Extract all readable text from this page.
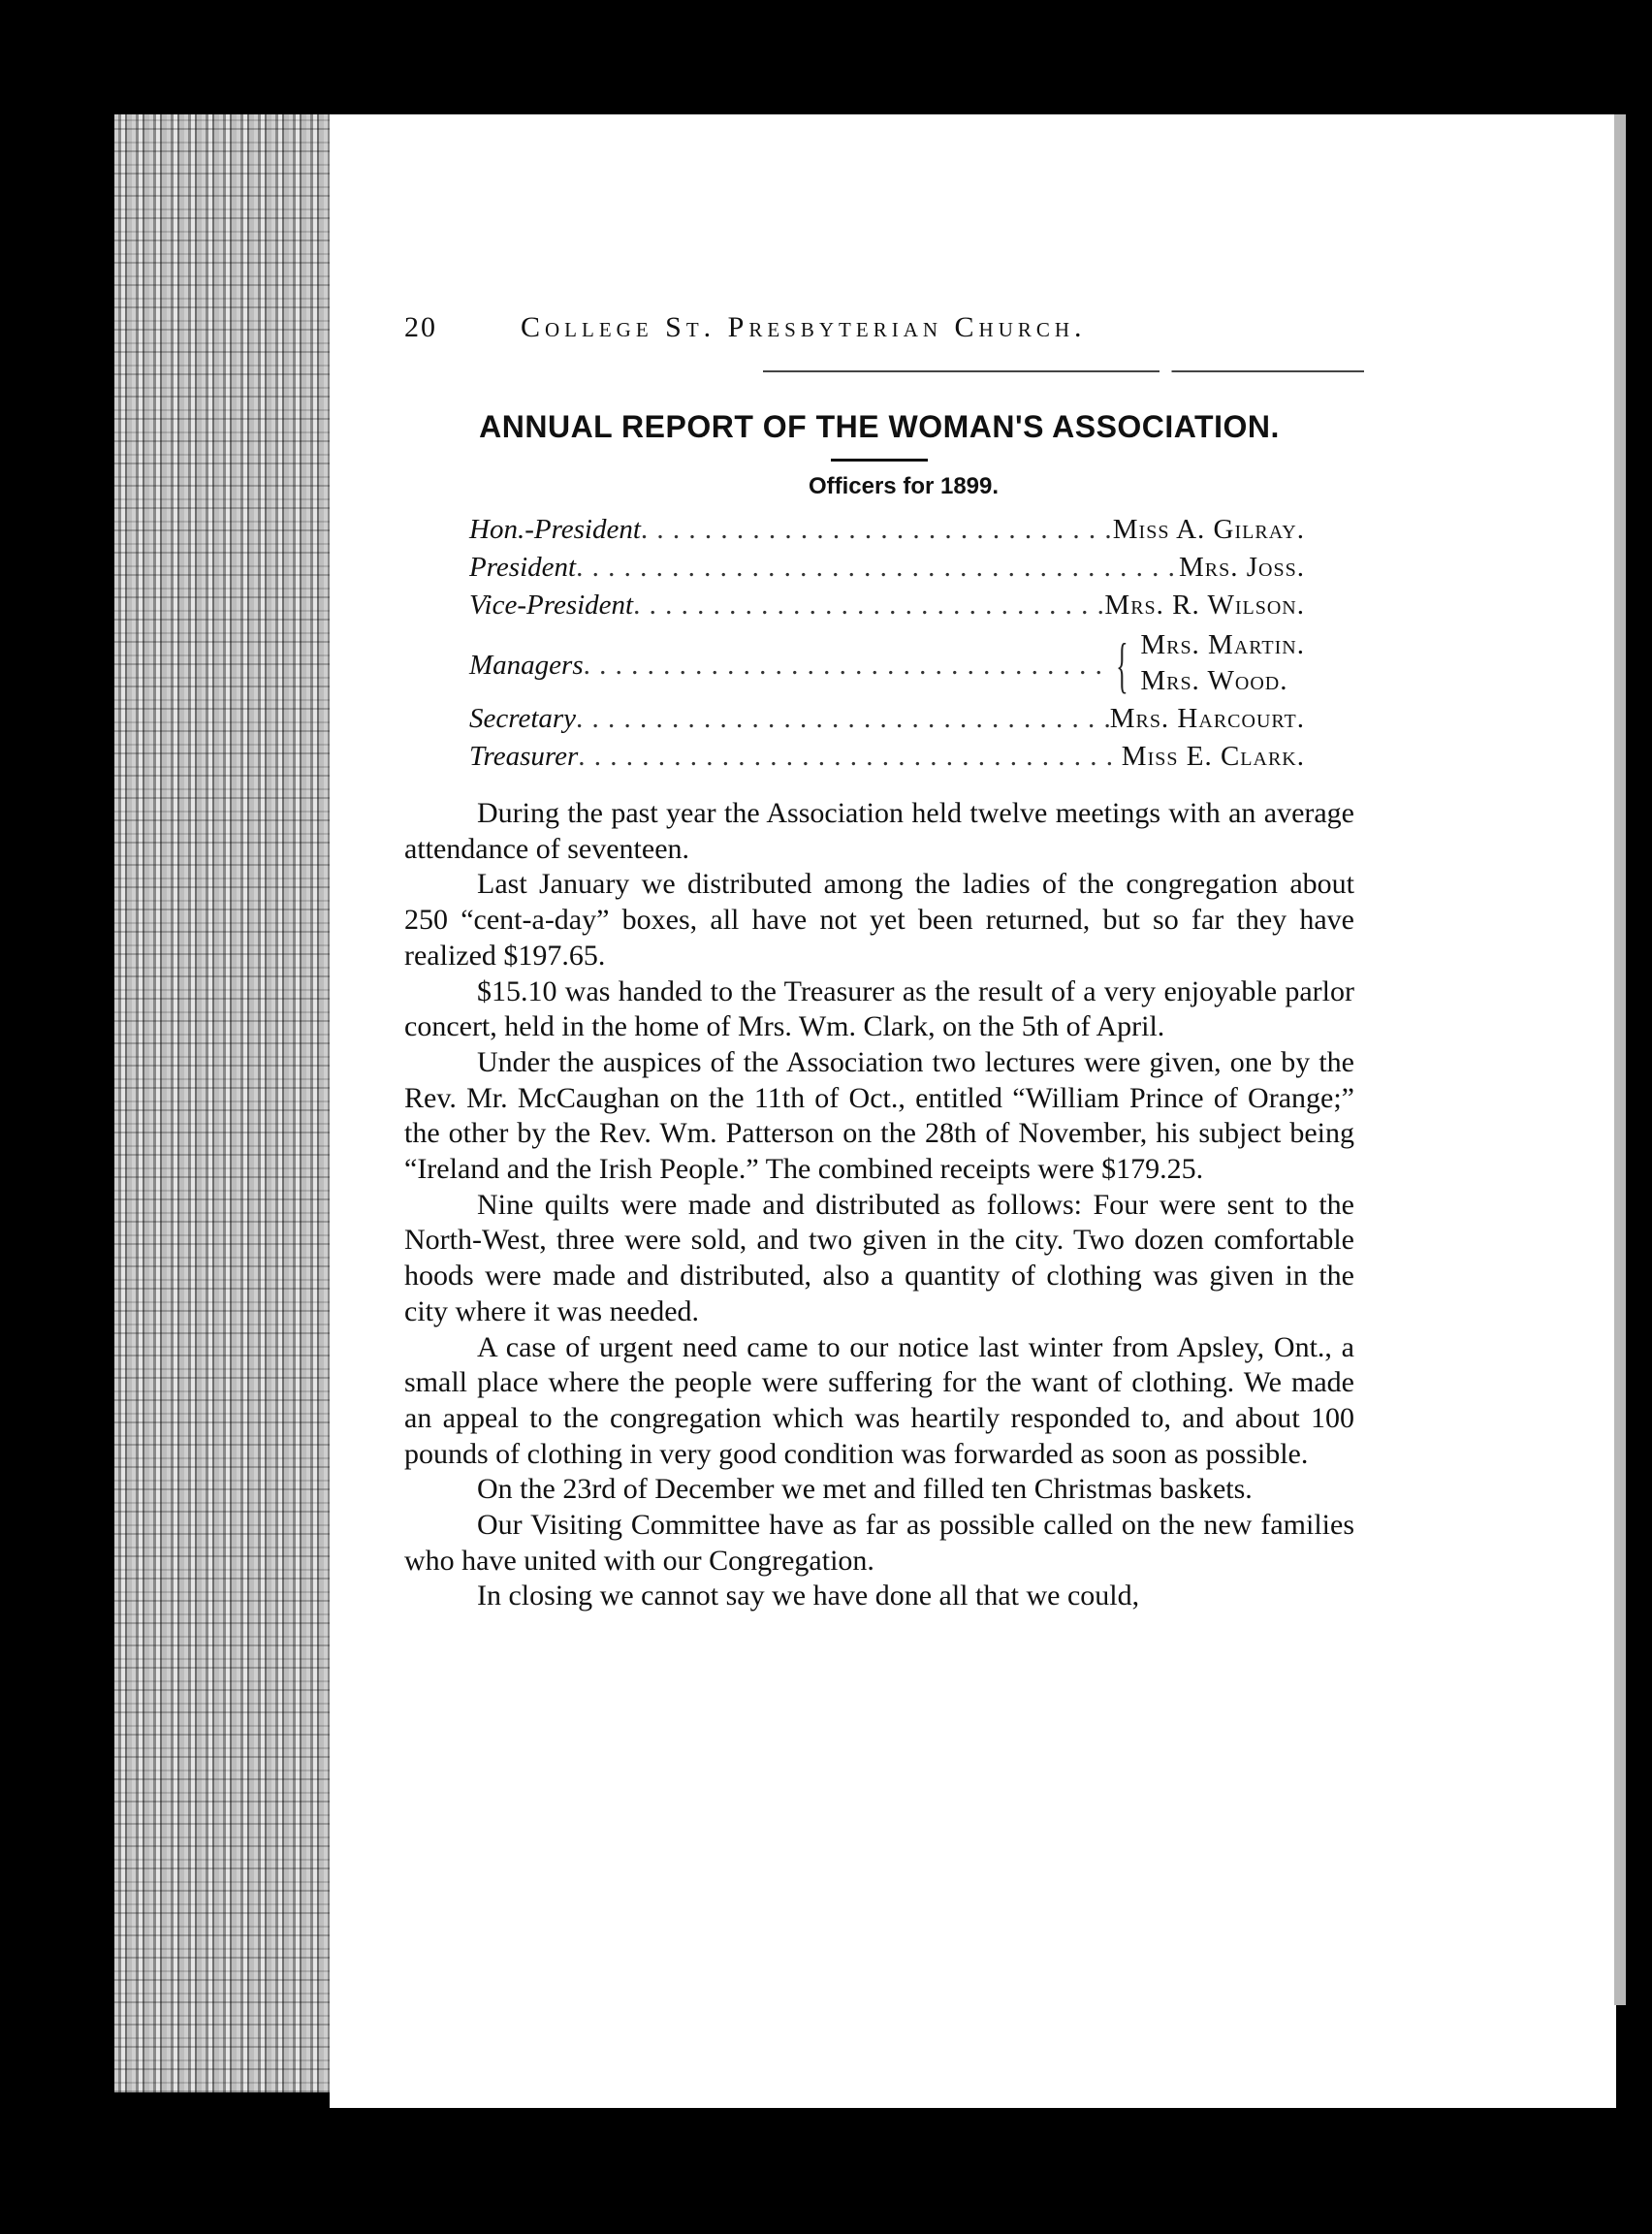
20	College St. Presbyterian Church.
ANNUAL REPORT OF THE WOMAN'S ASSOCIATION.
Officers for 1899.
Hon.-President . . .	Miss A. Gilray.
President . . .	Mrs. Joss.
Vice-President . . .	Mrs. R. Wilson.
Managers . . .	{ Mrs. Martin.
Mrs. Wood.
Secretary . . .	Mrs. Harcourt.
Treasurer . . .	Miss E. Clark.

During the past year the Association held twelve meetings with an average attendance of seventeen.

Last January we distributed among the ladies of the congregation about 250 “cent-a-day” boxes, all have not yet been returned, but so far they have realized $197.65.

$15.10 was handed to the Treasurer as the result of a very enjoyable parlor concert, held in the home of Mrs. Wm. Clark, on the 5th of April.

Under the auspices of the Association two lectures were given, one by the Rev. Mr. McCaughan on the 11th of Oct., entitled “William Prince of Orange;” the other by the Rev. Wm. Patterson on the 28th of November, his subject being “Ireland and the Irish People.” The combined receipts were $179.25.

Nine quilts were made and distributed as follows: Four were sent to the North-West, three were sold, and two given in the city. Two dozen comfortable hoods were made and distributed, also a quantity of clothing was given in the city where it was needed.

A case of urgent need came to our notice last winter from Apsley, Ont., a small place where the people were suffering for the want of clothing. We made an appeal to the congregation which was heartily responded to, and about 100 pounds of clothing in very good condition was forwarded as soon as possible.

On the 23rd of December we met and filled ten Christmas baskets.

Our Visiting Committee have as far as possible called on the new families who have united with our Congregation.

In closing we cannot say we have done all that we could,
